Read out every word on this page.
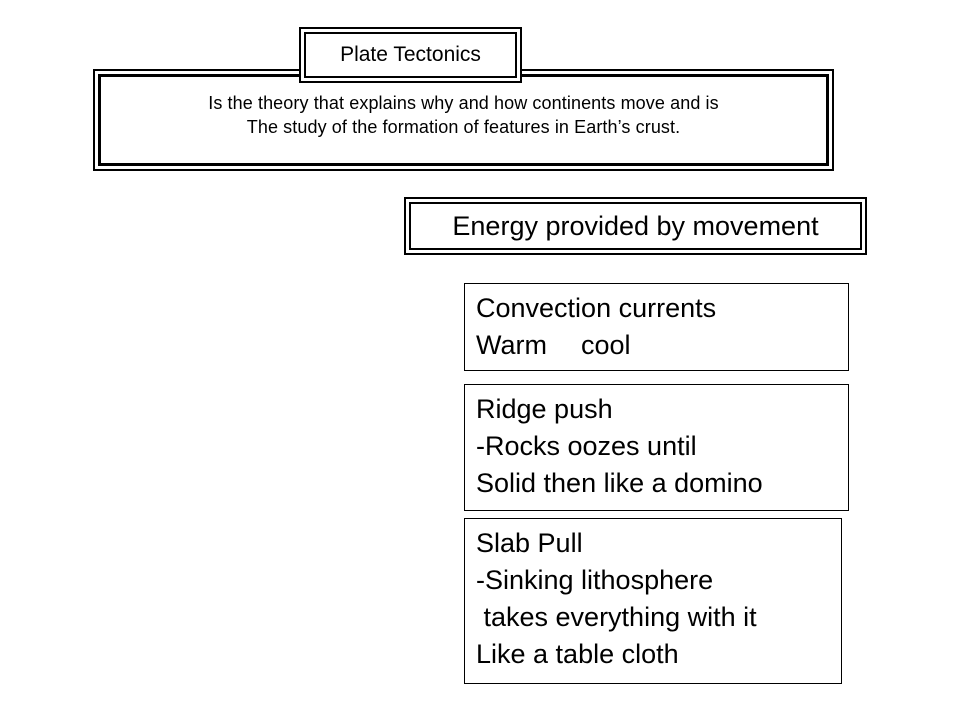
Is the theory that explains why and how continents move and is
The study of the formation of features in Earth’s crust.
Plate Tectonics
Energy provided by movement
Convection currents
Warm

cool

Ridge push
-Rocks oozes until
Solid then like a domino
Slab Pull
-Sinking lithosphere
takes everything with it
Like a table cloth
